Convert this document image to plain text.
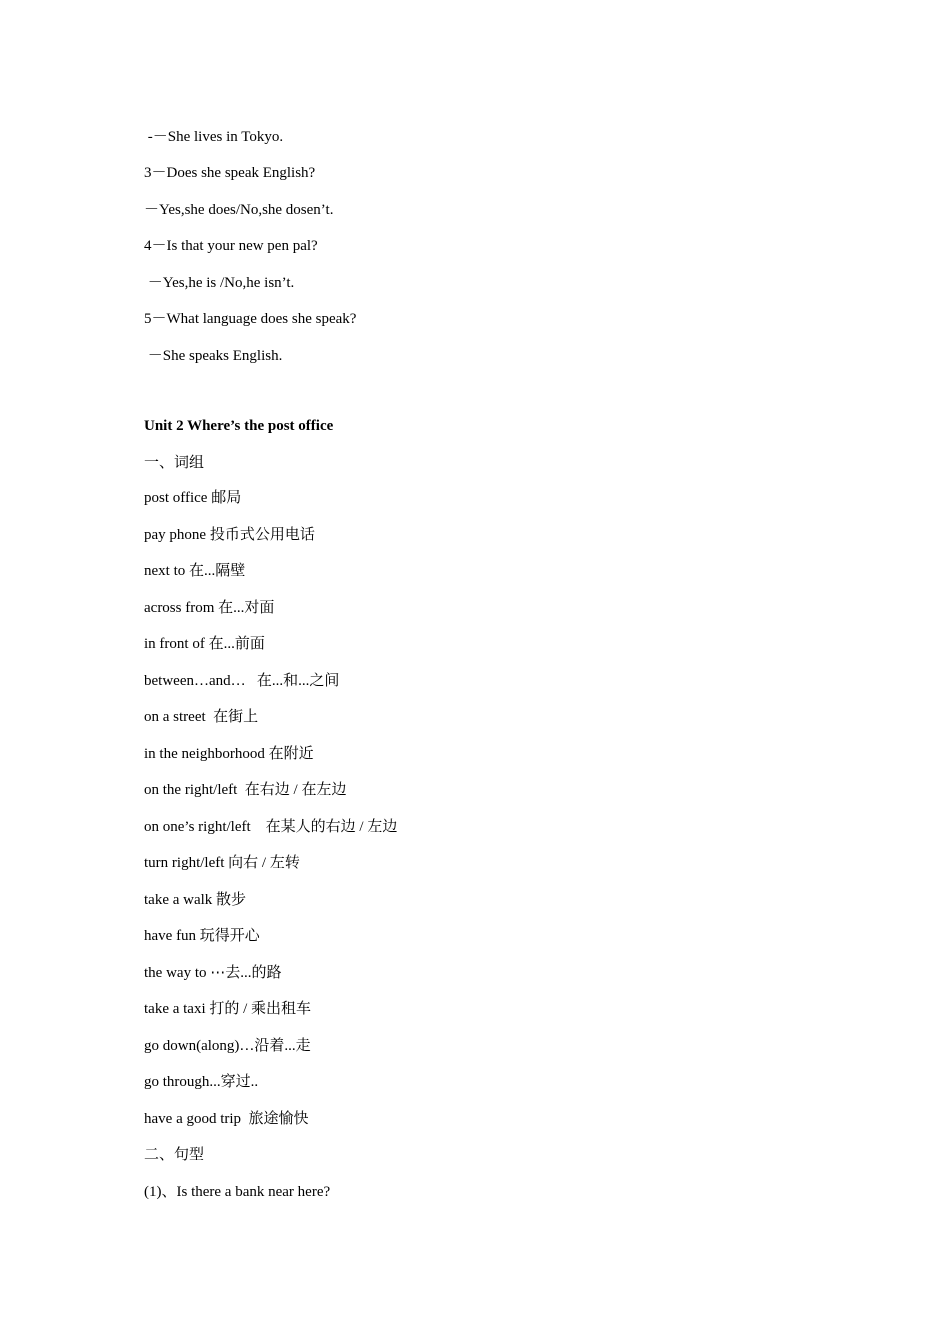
-－She lives in Tokyo.
3－Does she speak English?
－Yes,she does/No,she dosen’t.
4－Is that your new pen pal?
－Yes,he is /No,he isn’t.
5－What language does she speak?
－She speaks English.
Unit 2 Where’s the post office
一、词组
post office 邮局
pay phone 投币式公用电话
next to 在...隔壁
across from 在...对面
in front of 在...前面
between…and…   在...和...之间
on a street  在街上
in the neighborhood 在附近
on the right/left  在右边 / 在左边
on one’s right/left    在某人的右边 / 左边
turn right/left 向右 / 左转
take a walk 散步
have fun 玩得开心
the way to ⋯去...的路
take a taxi 打的 / 乘出租车
go down(along)…沿着...走
go through...穿过..
have a good trip  旅途愉快
二、句型
(1)、Is there a bank near here?
